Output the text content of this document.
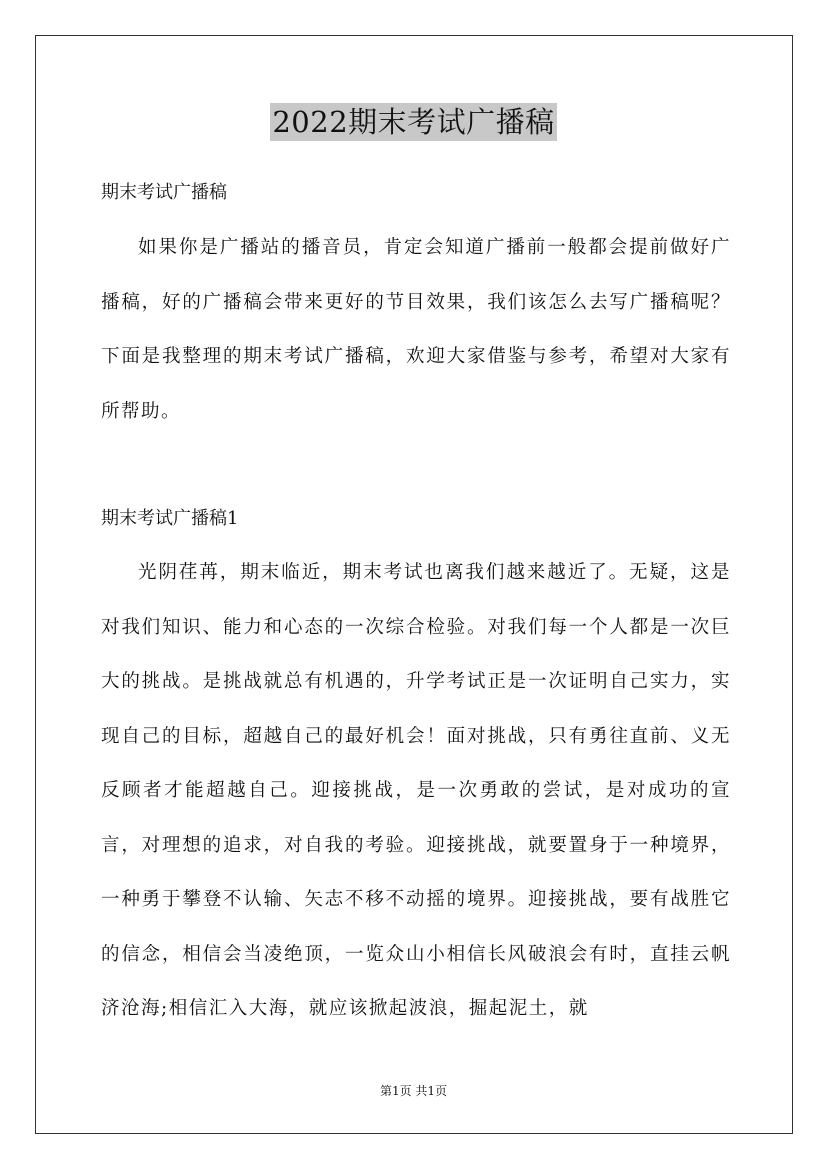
2022期末考试广播稿
期末考试广播稿

如果你是广播站的播音员，肯定会知道广播前一般都会提前做好广播稿，好的广播稿会带来更好的节目效果，我们该怎么去写广播稿呢？下面是我整理的期末考试广播稿，欢迎大家借鉴与参考，希望对大家有所帮助。

期末考试广播稿1

光阴荏苒，期末临近，期末考试也离我们越来越近了。无疑，这是对我们知识、能力和心态的一次综合检验。对我们每一个人都是一次巨大的挑战。是挑战就总有机遇的，升学考试正是一次证明自己实力，实现自己的目标，超越自己的最好机会！面对挑战，只有勇往直前、义无反顾者才能超越自己。迎接挑战，是一次勇敢的尝试，是对成功的宣言，对理想的追求，对自我的考验。迎接挑战，就要置身于一种境界，一种勇于攀登不认输、矢志不移不动摇的境界。迎接挑战，要有战胜它的信念，相信会当凌绝顶，一览众山小相信长风破浪会有时，直挂云帆济沧海;相信汇入大海，就应该掀起波浪，掘起泥土，就

第1页 共1页
